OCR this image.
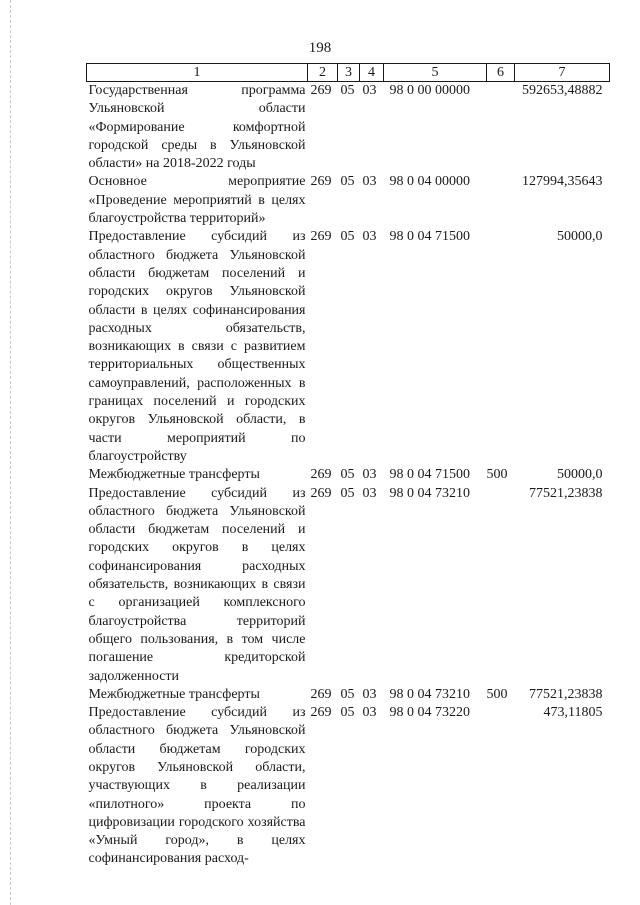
198

1	2	3	4	5	6	7
Государственная программа Ульяновской области «Формирование комфортной городской среды в Ульяновской области» на 2018-2022 годы	269	05	03	98 0 00 00000		592653,48882
Основное мероприятие «Проведение мероприятий в целях благоустройства территорий»	269	05	03	98 0 04 00000		127994,35643
Предоставление субсидий из областного бюджета Ульяновской области бюджетам поселений и городских округов Ульяновской области в целях софинансирования расходных обязательств, возникающих в связи с развитием территориальных общественных самоуправлений, расположенных в границах поселений и городских округов Ульяновской области, в части мероприятий по благоустройству	269	05	03	98 0 04 71500		50000,0
Межбюджетные трансферты	269	05	03	98 0 04 71500	500	50000,0
Предоставление субсидий из областного бюджета Ульяновской области бюджетам поселений и городских округов в целях софинансирования расходных обязательств, возникающих в связи с организацией комплексного благоустройства территорий общего пользования, в том числе погашение кредиторской задолженности	269	05	03	98 0 04 73210		77521,23838
Межбюджетные трансферты	269	05	03	98 0 04 73210	500	77521,23838
Предоставление субсидий из областного бюджета Ульяновской области бюджетам городских округов Ульяновской области, участвующих в реализации «пилотного» проекта по цифровизации городского хозяйства «Умный город», в целях софинансирования расход-	269	05	03	98 0 04 73220		473,11805
